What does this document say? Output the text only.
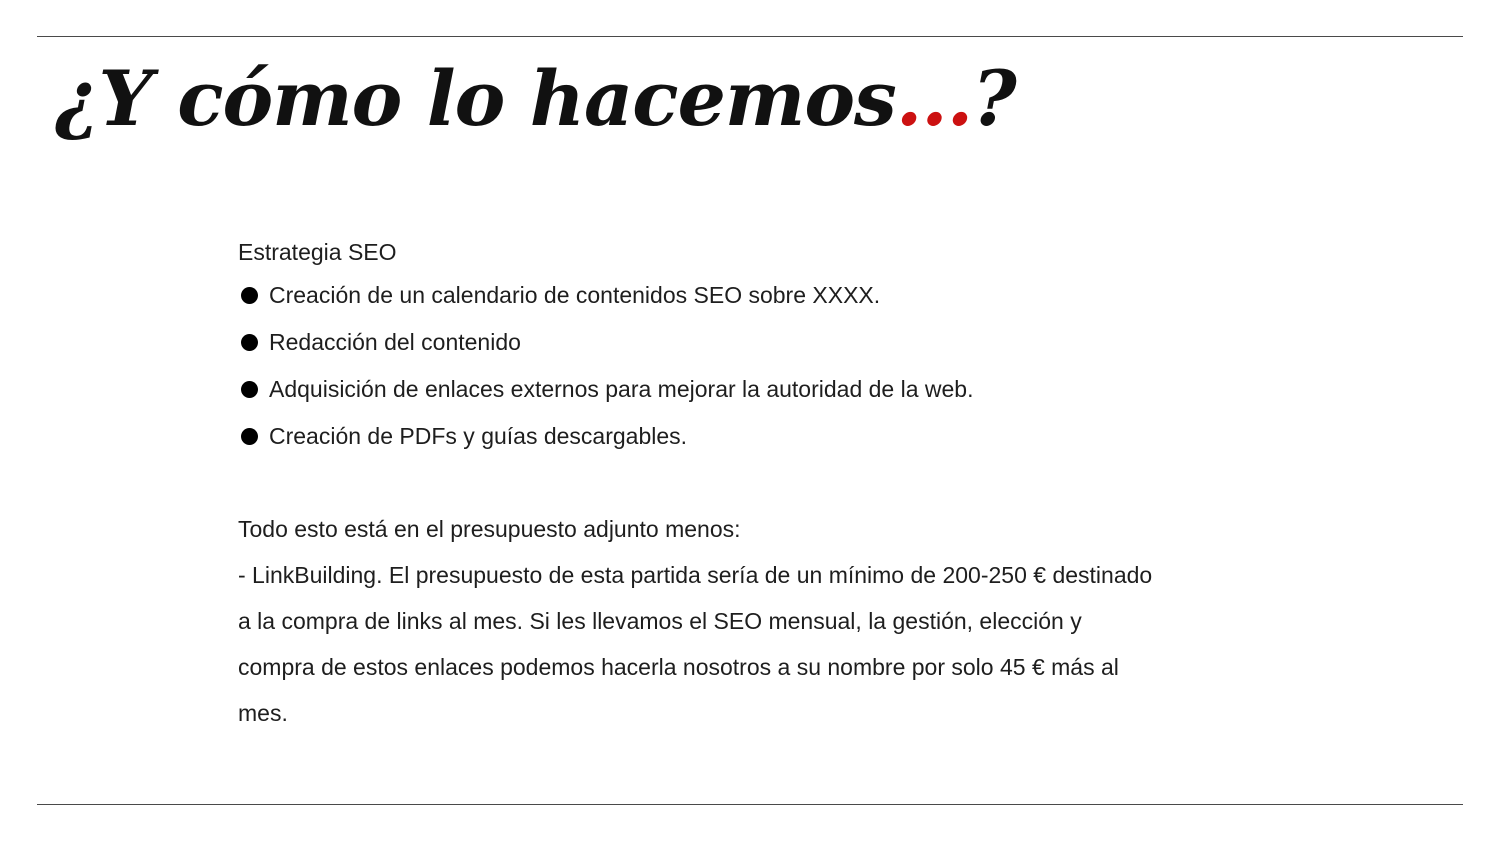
¿Y cómo lo hacemos...?
Estrategia SEO
Creación de un calendario de contenidos SEO sobre XXXX.
Redacción del contenido
Adquisición de enlaces externos para mejorar la autoridad de la web.
Creación de PDFs y guías descargables.
Todo esto está en el presupuesto adjunto menos:
- LinkBuilding. El presupuesto de esta partida sería de un mínimo de 200-250 € destinado
a la compra de links al mes. Si les llevamos el SEO mensual, la gestión, elección y
compra de estos enlaces podemos hacerla nosotros a su nombre por solo 45 € más al
mes.
